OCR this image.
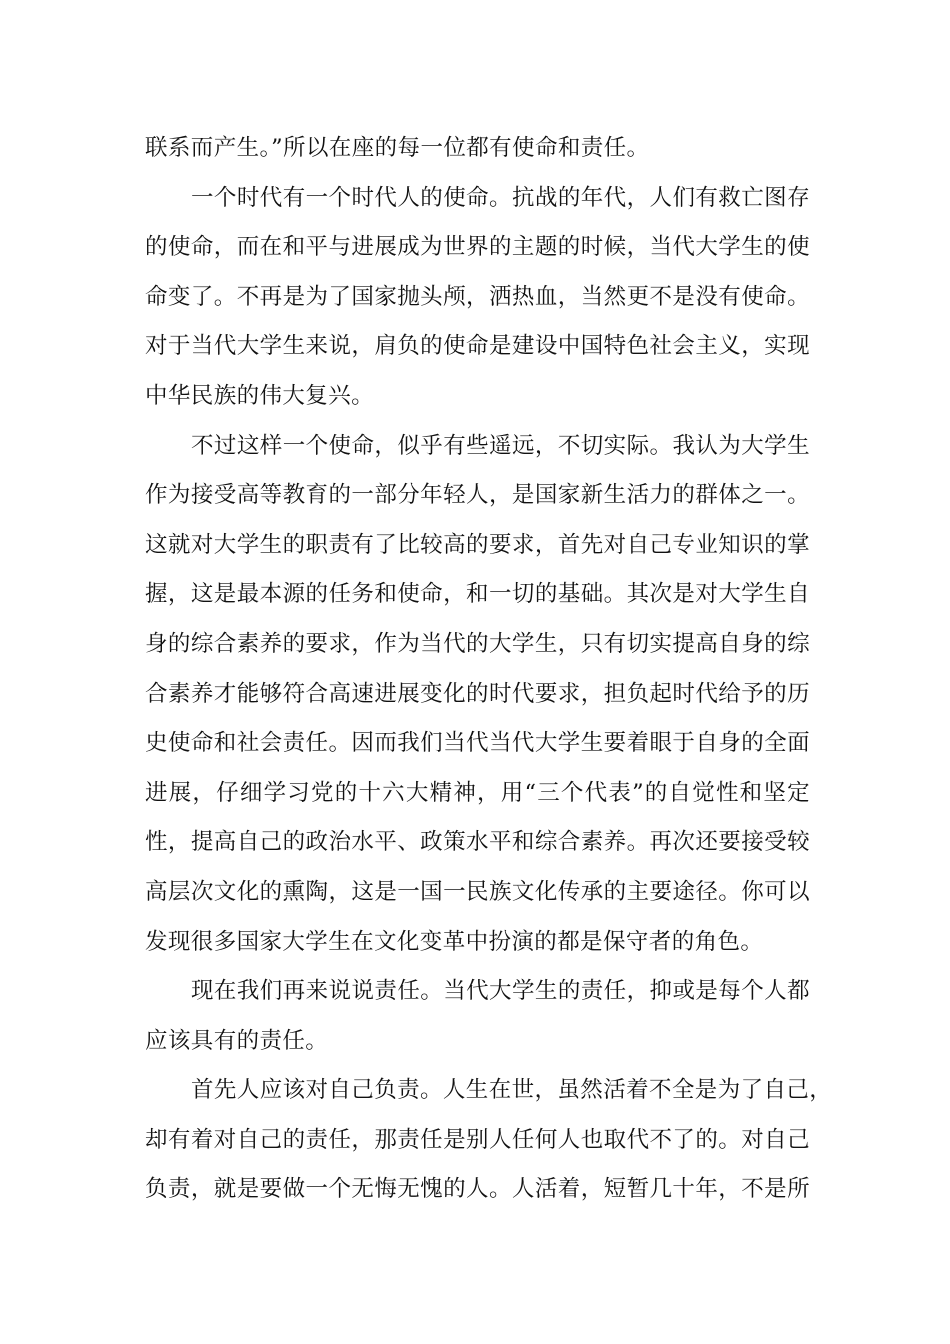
联系而产生。”所以在座的每一位都有使命和责任。
一个时代有一个时代人的使命。抗战的年代，人们有救亡图存
的使命，而在和平与进展成为世界的主题的时候，当代大学生的使
命变了。不再是为了国家抛头颅，洒热血，当然更不是没有使命。
对于当代大学生来说，肩负的使命是建设中国特色社会主义，实现
中华民族的伟大复兴。
不过这样一个使命，似乎有些遥远，不切实际。我认为大学生
作为接受高等教育的一部分年轻人，是国家新生活力的群体之一。
这就对大学生的职责有了比较高的要求，首先对自己专业知识的掌
握，这是最本源的任务和使命，和一切的基础。其次是对大学生自
身的综合素养的要求，作为当代的大学生，只有切实提高自身的综
合素养才能够符合高速进展变化的时代要求，担负起时代给予的历
史使命和社会责任。因而我们当代当代大学生要着眼于自身的全面
进展，仔细学习党的十六大精神，用“三个代表”的自觉性和坚定
性，提高自己的政治水平、政策水平和综合素养。再次还要接受较
高层次文化的熏陶，这是一国一民族文化传承的主要途径。你可以
发现很多国家大学生在文化变革中扮演的都是保守者的角色。
现在我们再来说说责任。当代大学生的责任，抑或是每个人都
应该具有的责任。
首先人应该对自己负责。人生在世，虽然活着不全是为了自己，
却有着对自己的责任，那责任是别人任何人也取代不了的。对自己
负责，就是要做一个无悔无愧的人。人活着，短暂几十年，不是所
